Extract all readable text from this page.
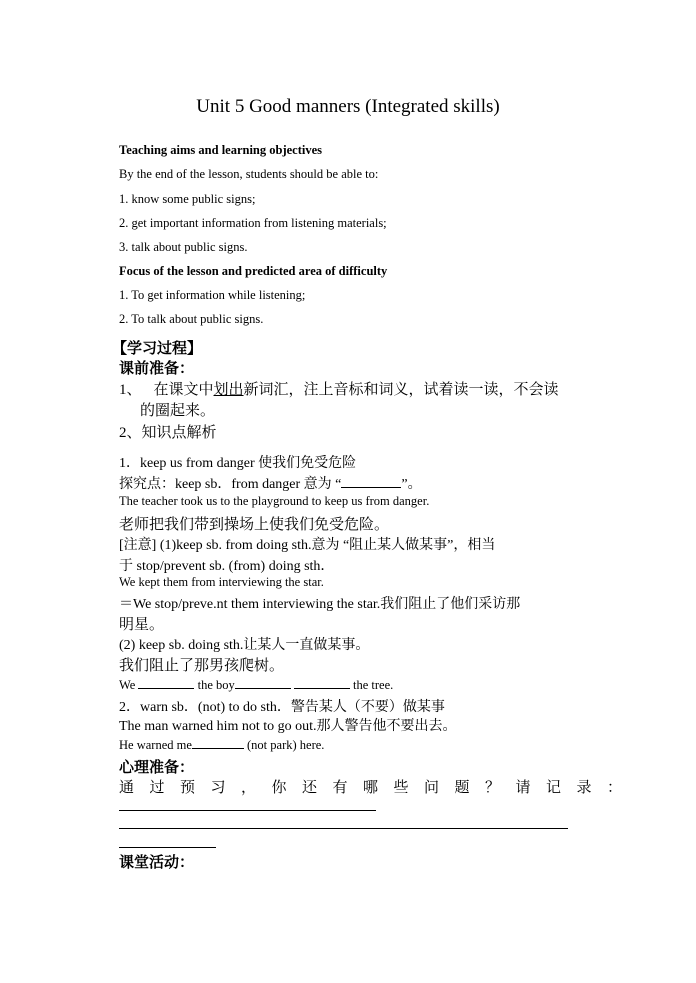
Unit 5 Good manners (Integrated skills)
Teaching aims and learning objectives
By the end of the lesson, students should be able to:
1. know some public signs;
2. get important information from listening materials;
3. talk about public signs.
Focus of the lesson and predicted area of difficulty
1. To get information while listening;
2. To talk about public signs.
【学习过程】
课前准备：
1、 在课文中划出新词汇，注上音标和词义，试着读一读，不会读
的圈起来。
2、知识点解析
1．keep us from danger 使我们免受危险
探究点：keep sb．from danger 意为 “	”。
The teacher took us to the playground to keep us from danger.
老师把我们带到操场上使我们免受危险。
[注意] (1)keep sb. from doing sth.意为 “阻止某人做某事”，相当
于 stop/prevent sb. (from) doing sth．
We kept them from interviewing the star.
＝We stop/preve.nt them interviewing the star.我们阻止了他们采访那
明星。
(2) keep sb. doing sth.让某人一直做某事。
我们阻止了那男孩爬树。
We	the boy	the tree.
2．warn sb．(not) to do sth．警告某人（不要）做某事
The man warned him not to go out.那人警告他不要出去。
He warned me	(not park) here.
心理准备：
通过预习，你还有哪些问题？请记录：
课堂活动：
